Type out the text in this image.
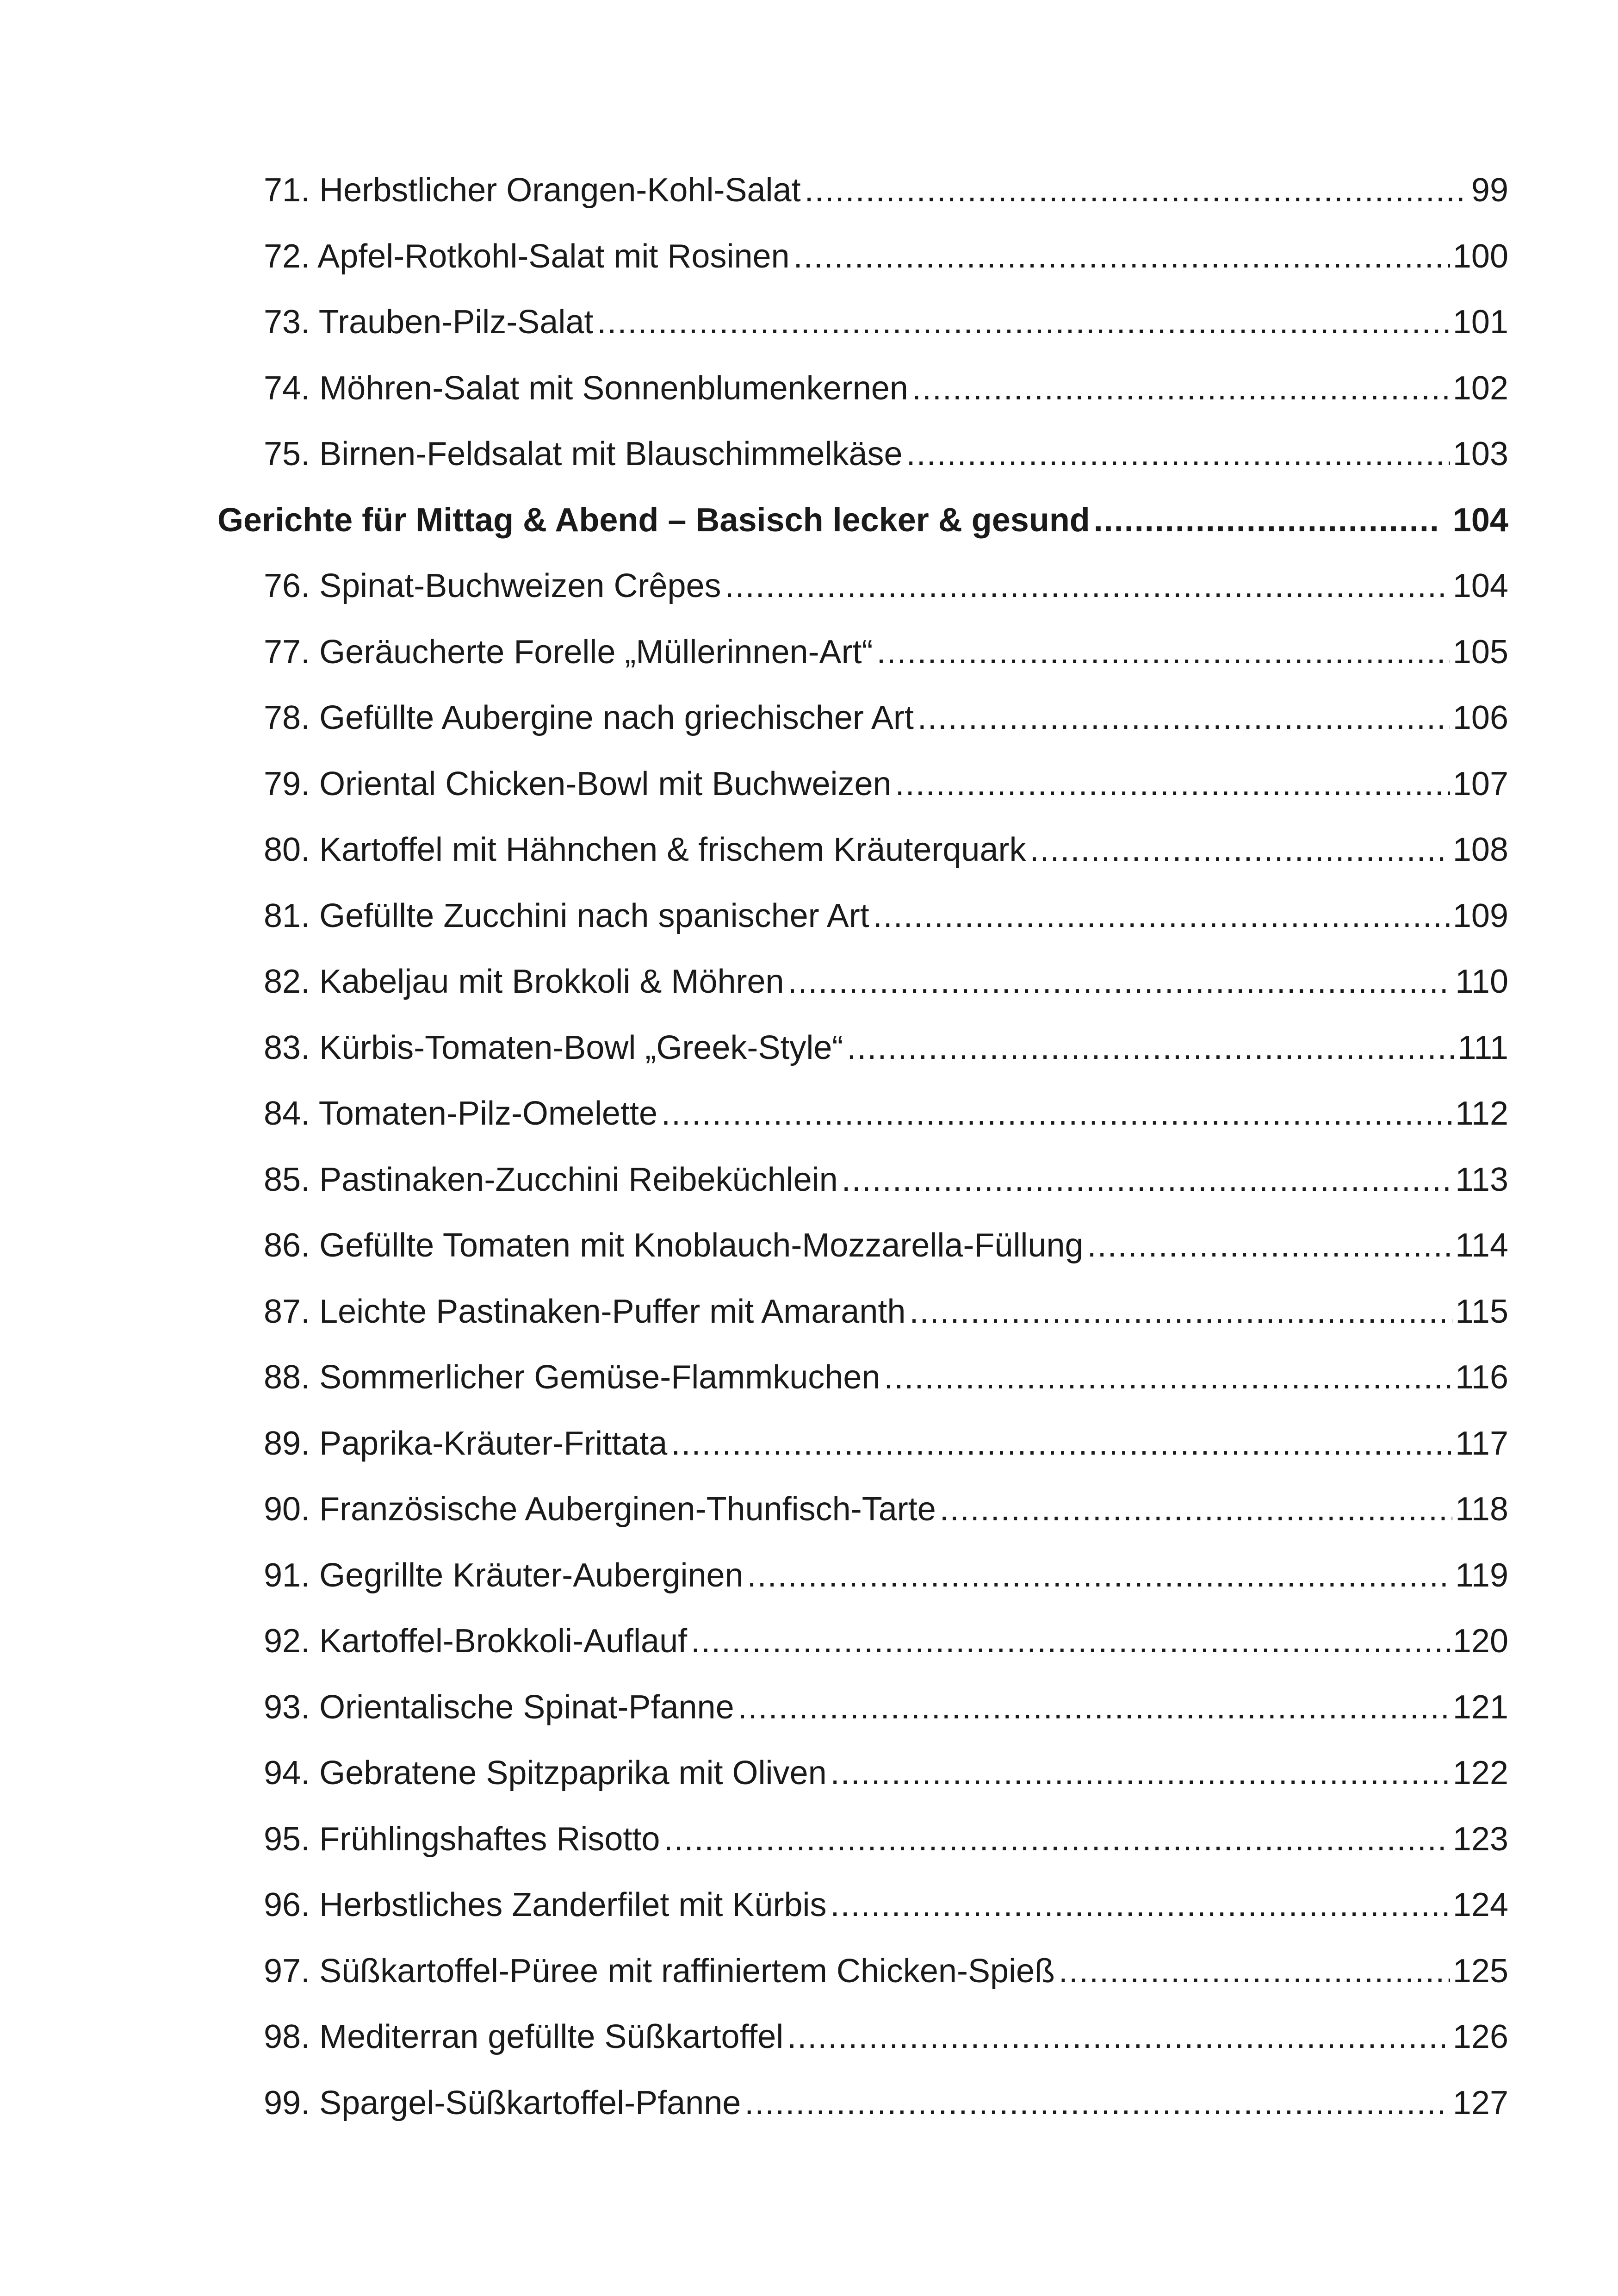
71. Herbstlicher Orangen-Kohl-Salat .....	99
72. Apfel-Rotkohl-Salat mit Rosinen .....	100
73. Trauben-Pilz-Salat .....	101
74. Möhren-Salat mit Sonnenblumenkernen .....	102
75. Birnen-Feldsalat mit Blauschimmelkäse .....	103
Gerichte für Mittag & Abend – Basisch lecker & gesund .....	104
76. Spinat-Buchweizen Crêpes .....	104
77. Geräucherte Forelle „Müllerinnen-Art“ .....	105
78. Gefüllte Aubergine nach griechischer Art .....	106
79. Oriental Chicken-Bowl mit Buchweizen .....	107
80. Kartoffel mit Hähnchen & frischem Kräuterquark .....	108
81. Gefüllte Zucchini nach spanischer Art .....	109
82. Kabeljau mit Brokkoli & Möhren .....	110
83. Kürbis-Tomaten-Bowl „Greek-Style“ .....	111
84. Tomaten-Pilz-Omelette .....	112
85. Pastinaken-Zucchini Reibeküchlein .....	113
86. Gefüllte Tomaten mit Knoblauch-Mozzarella-Füllung .....	114
87. Leichte Pastinaken-Puffer mit Amaranth .....	115
88. Sommerlicher Gemüse-Flammkuchen .....	116
89. Paprika-Kräuter-Frittata .....	117
90. Französische Auberginen-Thunfisch-Tarte .....	118
91. Gegrillte Kräuter-Auberginen .....	119
92. Kartoffel-Brokkoli-Auflauf .....	120
93. Orientalische Spinat-Pfanne .....	121
94. Gebratene Spitzpaprika mit Oliven .....	122
95. Frühlingshaftes Risotto .....	123
96. Herbstliches Zanderfilet mit Kürbis .....	124
97. Süßkartoffel-Püree mit raffiniertem Chicken-Spieß .....	125
98. Mediterran gefüllte Süßkartoffel .....	126
99. Spargel-Süßkartoffel-Pfanne .....	127
